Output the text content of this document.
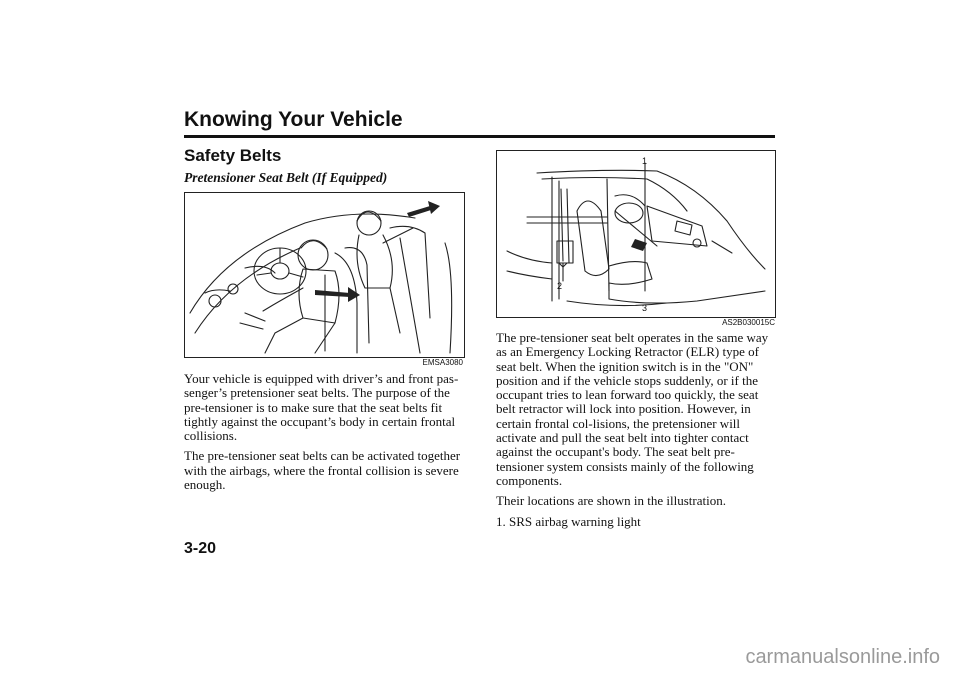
Knowing Your Vehicle
Safety Belts
Pretensioner Seat Belt (If Equipped)
EMSA3080
1
2
3
AS2B030015C

Your vehicle is equipped with driver’s and front pas-senger’s pretensioner seat belts. The purpose of the pre-tensioner is to make sure that the seat belts fit tightly against the occupant’s body in certain frontal collisions.

The pre-tensioner seat belts can be activated together with the airbags, where the frontal collision is severe enough.

The pre-tensioner seat belt operates in the same way as an Emergency Locking Retractor (ELR) type of seat belt. When the ignition switch is in the "ON" position and if the vehicle stops suddenly, or if the occupant tries to lean forward too quickly, the seat belt retractor will lock into position. However, in certain frontal col-lisions, the pretensioner will activate and pull the seat belt into tighter contact against the occupant's body. The seat belt pre-tensioner system consists mainly of the following components.

Their locations are shown in the illustration.

1. SRS airbag warning light

3-20
carmanualsonline.info
